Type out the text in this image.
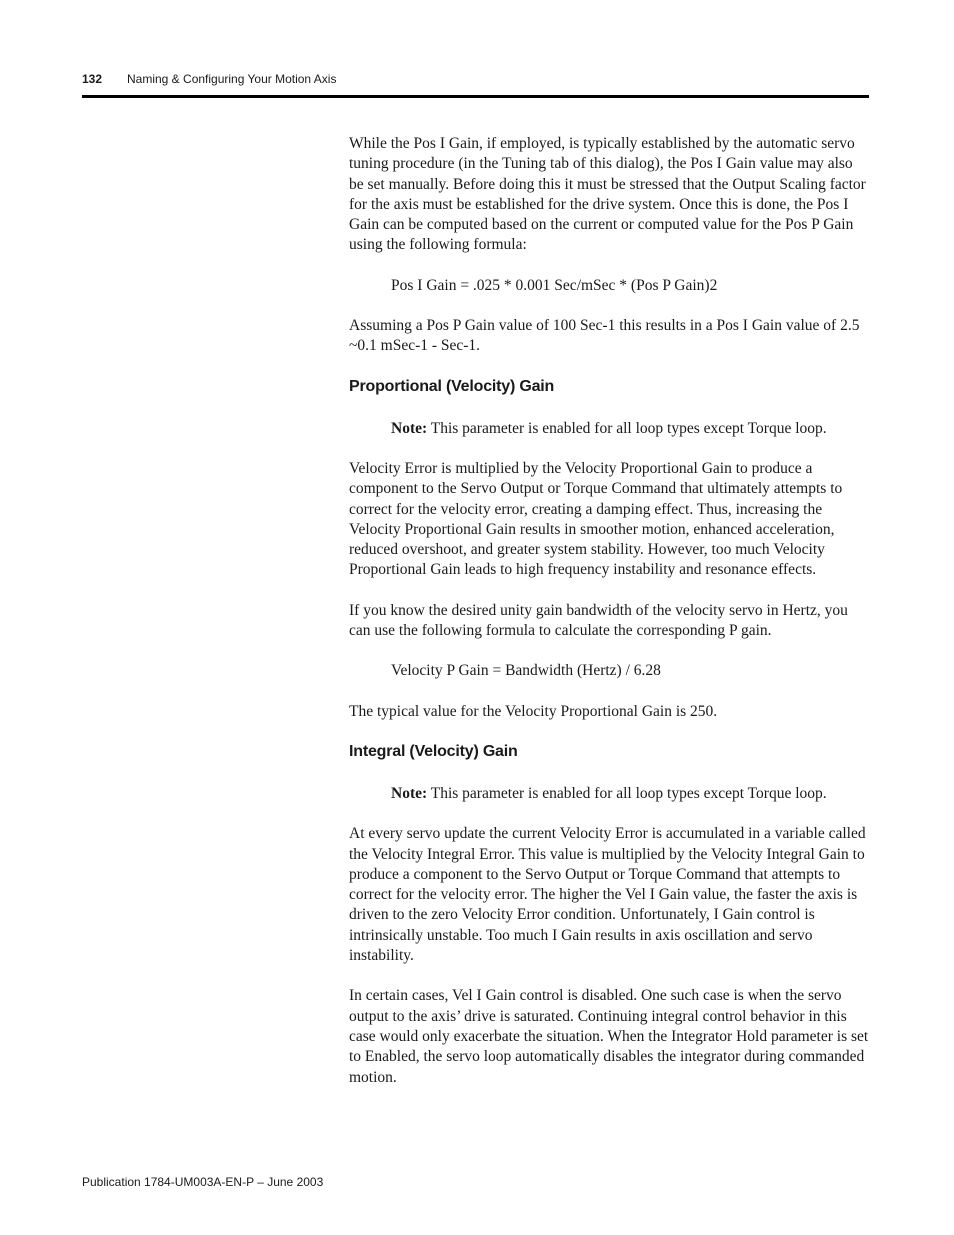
132 Naming & Configuring Your Motion Axis

While the Pos I Gain, if employed, is typically established by the automatic servo tuning procedure (in the Tuning tab of this dialog), the Pos I Gain value may also be set manually. Before doing this it must be stressed that the Output Scaling factor for the axis must be established for the drive system. Once this is done, the Pos I Gain can be computed based on the current or computed value for the Pos P Gain using the following formula:

Pos I Gain = .025 * 0.001 Sec/mSec * (Pos P Gain)2

Assuming a Pos P Gain value of 100 Sec-1 this results in a Pos I Gain value of 2.5 ~0.1 mSec-1 - Sec-1.

Proportional (Velocity) Gain

Note: This parameter is enabled for all loop types except Torque loop.

Velocity Error is multiplied by the Velocity Proportional Gain to produce a component to the Servo Output or Torque Command that ultimately attempts to correct for the velocity error, creating a damping effect. Thus, increasing the Velocity Proportional Gain results in smoother motion, enhanced acceleration, reduced overshoot, and greater system stability. However, too much Velocity Proportional Gain leads to high frequency instability and resonance effects.

If you know the desired unity gain bandwidth of the velocity servo in Hertz, you can use the following formula to calculate the corresponding P gain.

Velocity P Gain = Bandwidth (Hertz) / 6.28

The typical value for the Velocity Proportional Gain is 250.

Integral (Velocity) Gain

Note: This parameter is enabled for all loop types except Torque loop.

At every servo update the current Velocity Error is accumulated in a variable called the Velocity Integral Error. This value is multiplied by the Velocity Integral Gain to produce a component to the Servo Output or Torque Command that attempts to correct for the velocity error. The higher the Vel I Gain value, the faster the axis is driven to the zero Velocity Error condition. Unfortunately, I Gain control is intrinsically unstable. Too much I Gain results in axis oscillation and servo instability.

In certain cases, Vel I Gain control is disabled. One such case is when the servo output to the axis’ drive is saturated. Continuing integral control behavior in this case would only exacerbate the situation. When the Integrator Hold parameter is set to Enabled, the servo loop automatically disables the integrator during commanded motion.

Publication 1784-UM003A-EN-P – June 2003
